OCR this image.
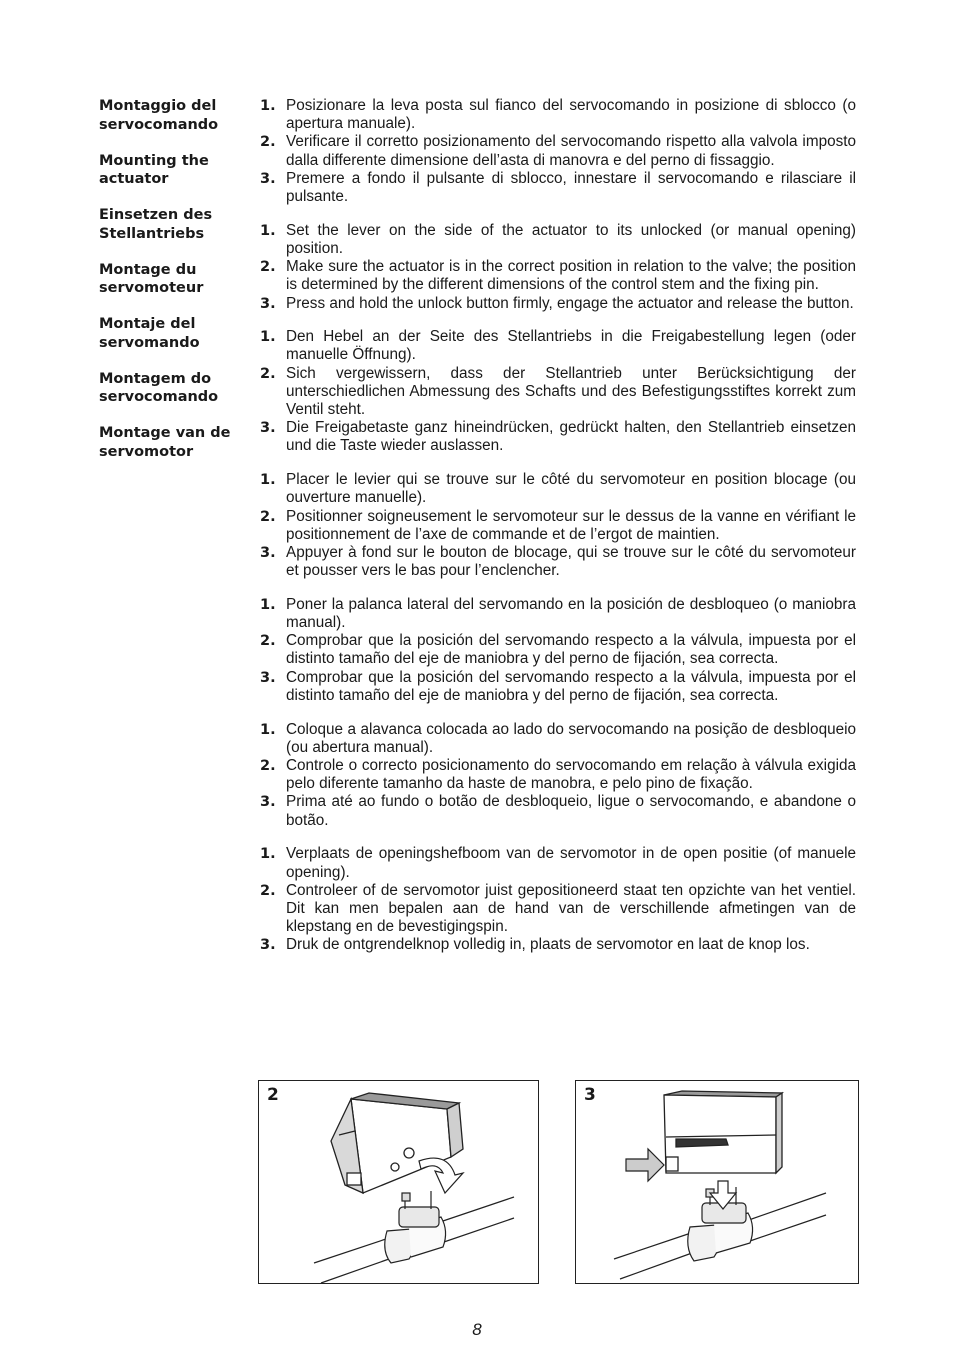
Montaggio del
servocomando
Mounting the
actuator
Einsetzen des
Stellantriebs
Montage du
servomoteur
Montaje del
servomando
Montagem do
servocomando
Montage van de
servomotor
1. Posizionare la leva posta sul fianco del servocomando in posizione di sblocco (o apertura manuale).
2. Verificare il corretto posizionamento del servocomando rispetto alla valvola imposto dalla differente dimensione dell’asta di manovra e del perno di fissaggio.
3. Premere a fondo il pulsante di sblocco, innestare il servocomando e rilasciare il pulsante.
1. Set the lever on the side of the actuator to its unlocked (or manual opening) position.
2. Make sure the actuator is in the correct position in relation to the valve; the position is determined by the different dimensions of the control stem and the fixing pin.
3. Press and hold the unlock button firmly, engage the actuator and release the button.
1. Den Hebel an der Seite des Stellantriebs in die Freigabestellung legen (oder manuelle Öffnung).
2. Sich vergewissern, dass der Stellantrieb unter Berücksichtigung der unterschiedlichen Abmessung des Schafts und des Befestigungsstiftes korrekt zum Ventil steht.
3. Die Freigabetaste ganz hineindrücken, gedrückt halten, den Stellantrieb einsetzen und die Taste wieder auslassen.
1. Placer le levier qui se trouve sur le côté du servomoteur en position blocage (ou ouverture manuelle).
2. Positionner soigneusement le servomoteur sur le dessus de la vanne en vérifiant le positionnement de l’axe de commande et de l’ergot de maintien.
3. Appuyer à fond sur le bouton de blocage, qui se trouve sur le côté du servomoteur et pousser vers le bas pour l’enclencher.
1. Poner la palanca lateral del servomando en la posición de desbloqueo (o maniobra manual).
2. Comprobar que la posición del servomando respecto a la válvula, impuesta por el distinto tamaño del eje de maniobra y del perno de fijación, sea correcta.
3. Comprobar que la posición del servomando respecto a la válvula, impuesta por el distinto tamaño del eje de maniobra y del perno de fijación, sea correcta.
1. Coloque a alavanca colocada ao lado do servocomando na posição de desbloqueio (ou abertura manual).
2. Controle o correcto posicionamento do servocomando em relação à válvula exigida pelo diferente tamanho da haste de manobra, e pelo pino de fixação.
3. Prima até ao fundo o botão de desbloqueio, ligue o servocomando, e abandone o botão.
1. Verplaats de openingshefboom van de servomotor in de open positie (of manuele opening).
2. Controleer of de servomotor juist gepositioneerd staat ten opzichte van het ventiel. Dit kan men bepalen aan de hand van de verschillende afmetingen van de klepstang en de bevestigingspin.
3. Druk de ontgrendelknop volledig in, plaats de servomotor en laat de knop los.
2	3
8
